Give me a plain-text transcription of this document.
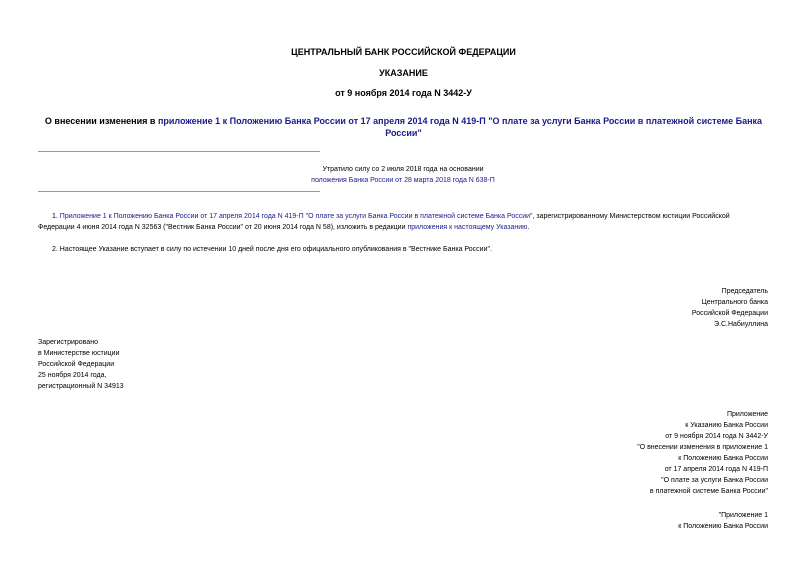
ЦЕНТРАЛЬНЫЙ БАНК РОССИЙСКОЙ ФЕДЕРАЦИИ
УКАЗАНИЕ
от 9 ноября 2014 года N 3442-У
О внесении изменения в приложение 1 к Положению Банка России от 17 апреля 2014 года N 419-П "О плате за услуги Банка России в платежной системе Банка России"
Утратило силу со 2 июля 2018 года на основании
положения Банка России от 28 марта 2018 года N 638-П
1. Приложение 1 к Положению Банка России от 17 апреля 2014 года N 419-П "О плате за услуги Банка России в платежной системе Банка России", зарегистрированному Министерством юстиции Российской Федерации 4 июня 2014 года N 32563 ("Вестник Банка России" от 20 июня 2014 года N 58), изложить в редакции приложения к настоящему Указанию.
2. Настоящее Указание вступает в силу по истечении 10 дней после дня его официального опубликования в "Вестнике Банка России".
Председатель
Центрального банка
Российской Федерации
Э.С.Набиуллина
Зарегистрировано
в Министерстве юстиции
Российской Федерации
25 ноября 2014 года,
регистрационный N 34913
Приложение
к Указанию Банка России
от 9 ноября 2014 года N 3442-У
"О внесении изменения в приложение 1
к Положению Банка России
от 17 апреля 2014 года N 419-П
"О плате за услуги Банка России
в платежной системе Банка России"
"Приложение 1
к Положению Банка России
